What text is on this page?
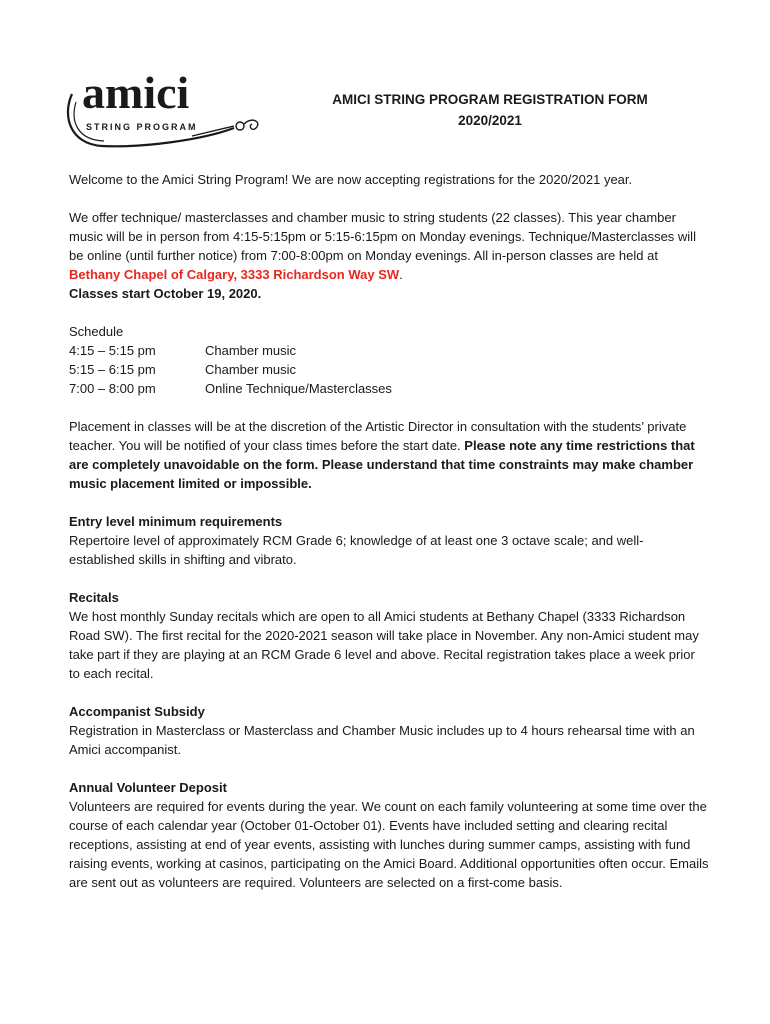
amici
STRING PROGRAM
AMICI STRING PROGRAM REGISTRATION FORM
2020/2021

Welcome to the Amici String Program! We are now accepting registrations for the 2020/2021 year.

We offer technique/ masterclasses and chamber music to string students (22 classes). This year chamber music will be in person from 4:15-5:15pm or 5:15-6:15pm on Monday evenings. Technique/Masterclasses will be online (until further notice) from 7:00-8:00pm on Monday evenings. All in-person classes are held at Bethany Chapel of Calgary, 3333 Richardson Way SW.
Classes start October 19, 2020.

Schedule
4:15 – 5:15 pm	Chamber music
5:15 – 6:15 pm	Chamber music
7:00 – 8:00 pm	Online Technique/Masterclasses

Placement in classes will be at the discretion of the Artistic Director in consultation with the students’ private teacher. You will be notified of your class times before the start date. Please note any time restrictions that are completely unavoidable on the form. Please understand that time constraints may make chamber music placement limited or impossible.

Entry level minimum requirements

Repertoire level of approximately RCM Grade 6; knowledge of at least one 3 octave scale; and well-established skills in shifting and vibrato.

Recitals

We host monthly Sunday recitals which are open to all Amici students at Bethany Chapel (3333 Richardson Road SW). The first recital for the 2020-2021 season will take place in November. Any non-Amici student may take part if they are playing at an RCM Grade 6 level and above. Recital registration takes place a week prior to each recital.

Accompanist Subsidy

Registration in Masterclass or Masterclass and Chamber Music includes up to 4 hours rehearsal time with an Amici accompanist.

Annual Volunteer Deposit

Volunteers are required for events during the year. We count on each family volunteering at some time over the course of each calendar year (October 01-October 01). Events have included setting and clearing recital receptions, assisting at end of year events, assisting with lunches during summer camps, assisting with fund raising events, working at casinos, participating on the Amici Board. Additional opportunities often occur. Emails are sent out as volunteers are required. Volunteers are selected on a first-come basis.
